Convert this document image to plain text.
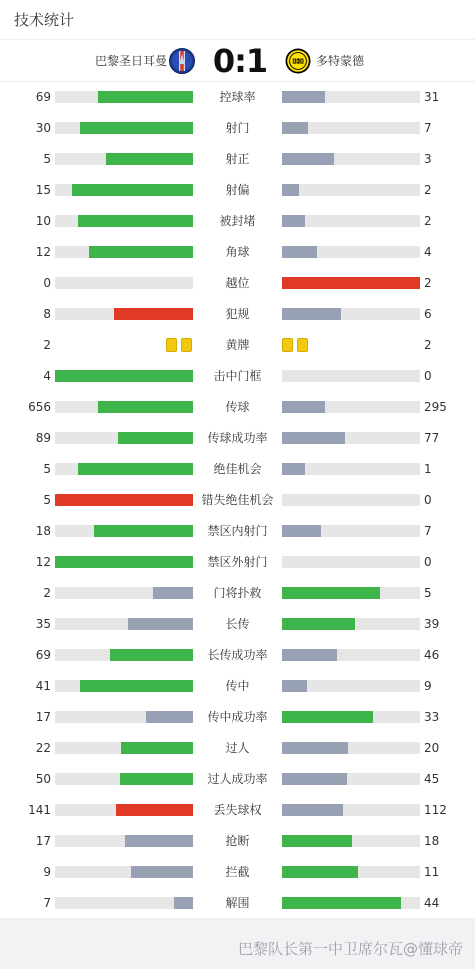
技术统计
巴黎圣日耳曼 0:1	多特蒙德
69	控球率	31
30	射门	7
5	射正	3
15	射偏	2
10	被封堵	2
12	角球	4
0	越位	2
8	犯规	6
2	黄牌	2
4	击中门框	0
656	传球	295
89	传球成功率	77
5	绝佳机会	1
5	错失绝佳机会	0
18	禁区内射门	7
12	禁区外射门	0
2	门将扑救	5
35	长传	39
69	长传成功率	46
41	传中	9
17	传中成功率	33
22	过人	20
50	过人成功率	45
141	丢失球权	112
17	抢断	18
9	拦截	11
7	解围	44
巴黎队长第一中卫席尔瓦@懂球帝
